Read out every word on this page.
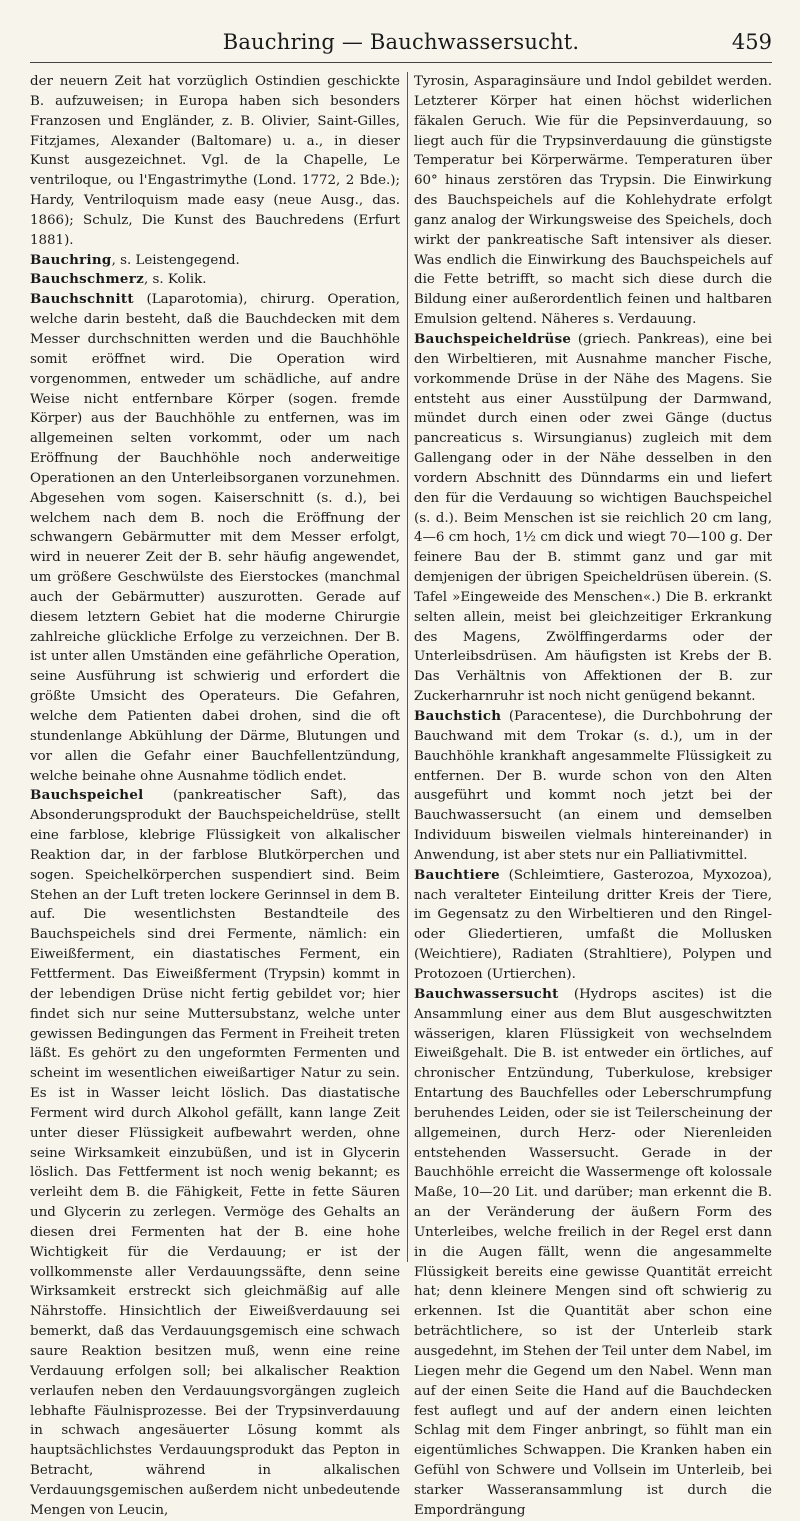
Bauchring — Bauchwassersucht.	459

der neuern Zeit hat vorzüglich Ostindien geschickte B. aufzuweisen; in Europa haben sich besonders Franzosen und Engländer, z. B. Olivier, Saint-Gilles, Fitzjames, Alexander (Baltomare) u. a., in dieser Kunst ausgezeichnet. Vgl. de la Chapelle, Le ventriloque, ou l'Engastrimythe (Lond. 1772, 2 Bde.); Hardy, Ventriloquism made easy (neue Ausg., das. 1866); Schulz, Die Kunst des Bauchredens (Erfurt 1881).

Bauchring, s. Leistengegend.

Bauchschmerz, s. Kolik.

Bauchschnitt (Laparotomia), chirurg. Operation, welche darin besteht, daß die Bauchdecken mit dem Messer durchschnitten werden und die Bauchhöhle somit eröffnet wird. Die Operation wird vorgenommen, entweder um schädliche, auf andre Weise nicht entfernbare Körper (sogen. fremde Körper) aus der Bauchhöhle zu entfernen, was im allgemeinen selten vorkommt, oder um nach Eröffnung der Bauchhöhle noch anderweitige Operationen an den Unterleibsorganen vorzunehmen. Abgesehen vom sogen. Kaiserschnitt (s. d.), bei welchem nach dem B. noch die Eröffnung der schwangern Gebärmutter mit dem Messer erfolgt, wird in neuerer Zeit der B. sehr häufig angewendet, um größere Geschwülste des Eierstockes (manchmal auch der Gebärmutter) auszurotten. Gerade auf diesem letztern Gebiet hat die moderne Chirurgie zahlreiche glückliche Erfolge zu verzeichnen. Der B. ist unter allen Umständen eine gefährliche Operation, seine Ausführung ist schwierig und erfordert die größte Umsicht des Operateurs. Die Gefahren, welche dem Patienten dabei drohen, sind die oft stundenlange Abkühlung der Därme, Blutungen und vor allen die Gefahr einer Bauchfellentzündung, welche beinahe ohne Ausnahme tödlich endet.

Bauchspeichel (pankreatischer Saft), das Absonderungsprodukt der Bauchspeicheldrüse, stellt eine farblose, klebrige Flüssigkeit von alkalischer Reaktion dar, in der farblose Blutkörperchen und sogen. Speichelkörperchen suspendiert sind. Beim Stehen an der Luft treten lockere Gerinnsel in dem B. auf. Die wesentlichsten Bestandteile des Bauchspeichels sind drei Fermente, nämlich: ein Eiweißferment, ein diastatisches Ferment, ein Fettferment. Das Eiweißferment (Trypsin) kommt in der lebendigen Drüse nicht fertig gebildet vor; hier findet sich nur seine Muttersubstanz, welche unter gewissen Bedingungen das Ferment in Freiheit treten läßt. Es gehört zu den ungeformten Fermenten und scheint im wesentlichen eiweißartiger Natur zu sein. Es ist in Wasser leicht löslich. Das diastatische Ferment wird durch Alkohol gefällt, kann lange Zeit unter dieser Flüssigkeit aufbewahrt werden, ohne seine Wirksamkeit einzubüßen, und ist in Glycerin löslich. Das Fettferment ist noch wenig bekannt; es verleiht dem B. die Fähigkeit, Fette in fette Säuren und Glycerin zu zerlegen. Vermöge des Gehalts an diesen drei Fermenten hat der B. eine hohe Wichtigkeit für die Verdauung; er ist der vollkommenste aller Verdauungssäfte, denn seine Wirksamkeit erstreckt sich gleichmäßig auf alle Nährstoffe. Hinsichtlich der Eiweißverdauung sei bemerkt, daß das Verdauungsgemisch eine schwach saure Reaktion besitzen muß, wenn eine reine Verdauung erfolgen soll; bei alkalischer Reaktion verlaufen neben den Verdauungsvorgängen zugleich lebhafte Fäulnisprozesse. Bei der Trypsinverdauung in schwach angesäuerter Lösung kommt als hauptsächlichstes Verdauungsprodukt das Pepton in Betracht, während in alkalischen Verdauungsgemischen außerdem nicht unbedeutende Mengen von Leucin,

Tyrosin, Asparaginsäure und Indol gebildet werden. Letzterer Körper hat einen höchst widerlichen fäkalen Geruch. Wie für die Pepsinverdauung, so liegt auch für die Trypsinverdauung die günstigste Temperatur bei Körperwärme. Temperaturen über 60° hinaus zerstören das Trypsin. Die Einwirkung des Bauchspeichels auf die Kohlehydrate erfolgt ganz analog der Wirkungsweise des Speichels, doch wirkt der pankreatische Saft intensiver als dieser. Was endlich die Einwirkung des Bauchspeichels auf die Fette betrifft, so macht sich diese durch die Bildung einer außerordentlich feinen und haltbaren Emulsion geltend. Näheres s. Verdauung.

Bauchspeicheldrüse (griech. Pankreas), eine bei den Wirbeltieren, mit Ausnahme mancher Fische, vorkommende Drüse in der Nähe des Magens. Sie entsteht aus einer Ausstülpung der Darmwand, mündet durch einen oder zwei Gänge (ductus pancreaticus s. Wirsungianus) zugleich mit dem Gallengang oder in der Nähe desselben in den vordern Abschnitt des Dünndarms ein und liefert den für die Verdauung so wichtigen Bauchspeichel (s. d.). Beim Menschen ist sie reichlich 20 cm lang, 4—6 cm hoch, 1½ cm dick und wiegt 70—100 g. Der feinere Bau der B. stimmt ganz und gar mit demjenigen der übrigen Speicheldrüsen überein. (S. Tafel »Eingeweide des Menschen«.) Die B. erkrankt selten allein, meist bei gleichzeitiger Erkrankung des Magens, Zwölffingerdarms oder der Unterleibsdrüsen. Am häufigsten ist Krebs der B. Das Verhältnis von Affektionen der B. zur Zuckerharnruhr ist noch nicht genügend bekannt.

Bauchstich (Paracentese), die Durchbohrung der Bauchwand mit dem Trokar (s. d.), um in der Bauchhöhle krankhaft angesammelte Flüssigkeit zu entfernen. Der B. wurde schon von den Alten ausgeführt und kommt noch jetzt bei der Bauchwassersucht (an einem und demselben Individuum bisweilen vielmals hintereinander) in Anwendung, ist aber stets nur ein Palliativmittel.

Bauchtiere (Schleimtiere, Gasterozoa, Myxozoa), nach veralteter Einteilung dritter Kreis der Tiere, im Gegensatz zu den Wirbeltieren und den Ringel- oder Gliedertieren, umfaßt die Mollusken (Weichtiere), Radiaten (Strahltiere), Polypen und Protozoen (Urtierchen).

Bauchwassersucht (Hydrops ascites) ist die Ansammlung einer aus dem Blut ausgeschwitzten wässerigen, klaren Flüssigkeit von wechselndem Eiweißgehalt. Die B. ist entweder ein örtliches, auf chronischer Entzündung, Tuberkulose, krebsiger Entartung des Bauchfelles oder Leberschrumpfung beruhendes Leiden, oder sie ist Teilerscheinung der allgemeinen, durch Herz- oder Nierenleiden entstehenden Wassersucht. Gerade in der Bauchhöhle erreicht die Wassermenge oft kolossale Maße, 10—20 Lit. und darüber; man erkennt die B. an der Veränderung der äußern Form des Unterleibes, welche freilich in der Regel erst dann in die Augen fällt, wenn die angesammelte Flüssigkeit bereits eine gewisse Quantität erreicht hat; denn kleinere Mengen sind oft schwierig zu erkennen. Ist die Quantität aber schon eine beträchtlichere, so ist der Unterleib stark ausgedehnt, im Stehen der Teil unter dem Nabel, im Liegen mehr die Gegend um den Nabel. Wenn man auf der einen Seite die Hand auf die Bauchdecken fest auflegt und auf der andern einen leichten Schlag mit dem Finger anbringt, so fühlt man ein eigentümliches Schwappen. Die Kranken haben ein Gefühl von Schwere und Vollsein im Unterleib, bei starker Wasseransammlung ist durch die Empordrängung
